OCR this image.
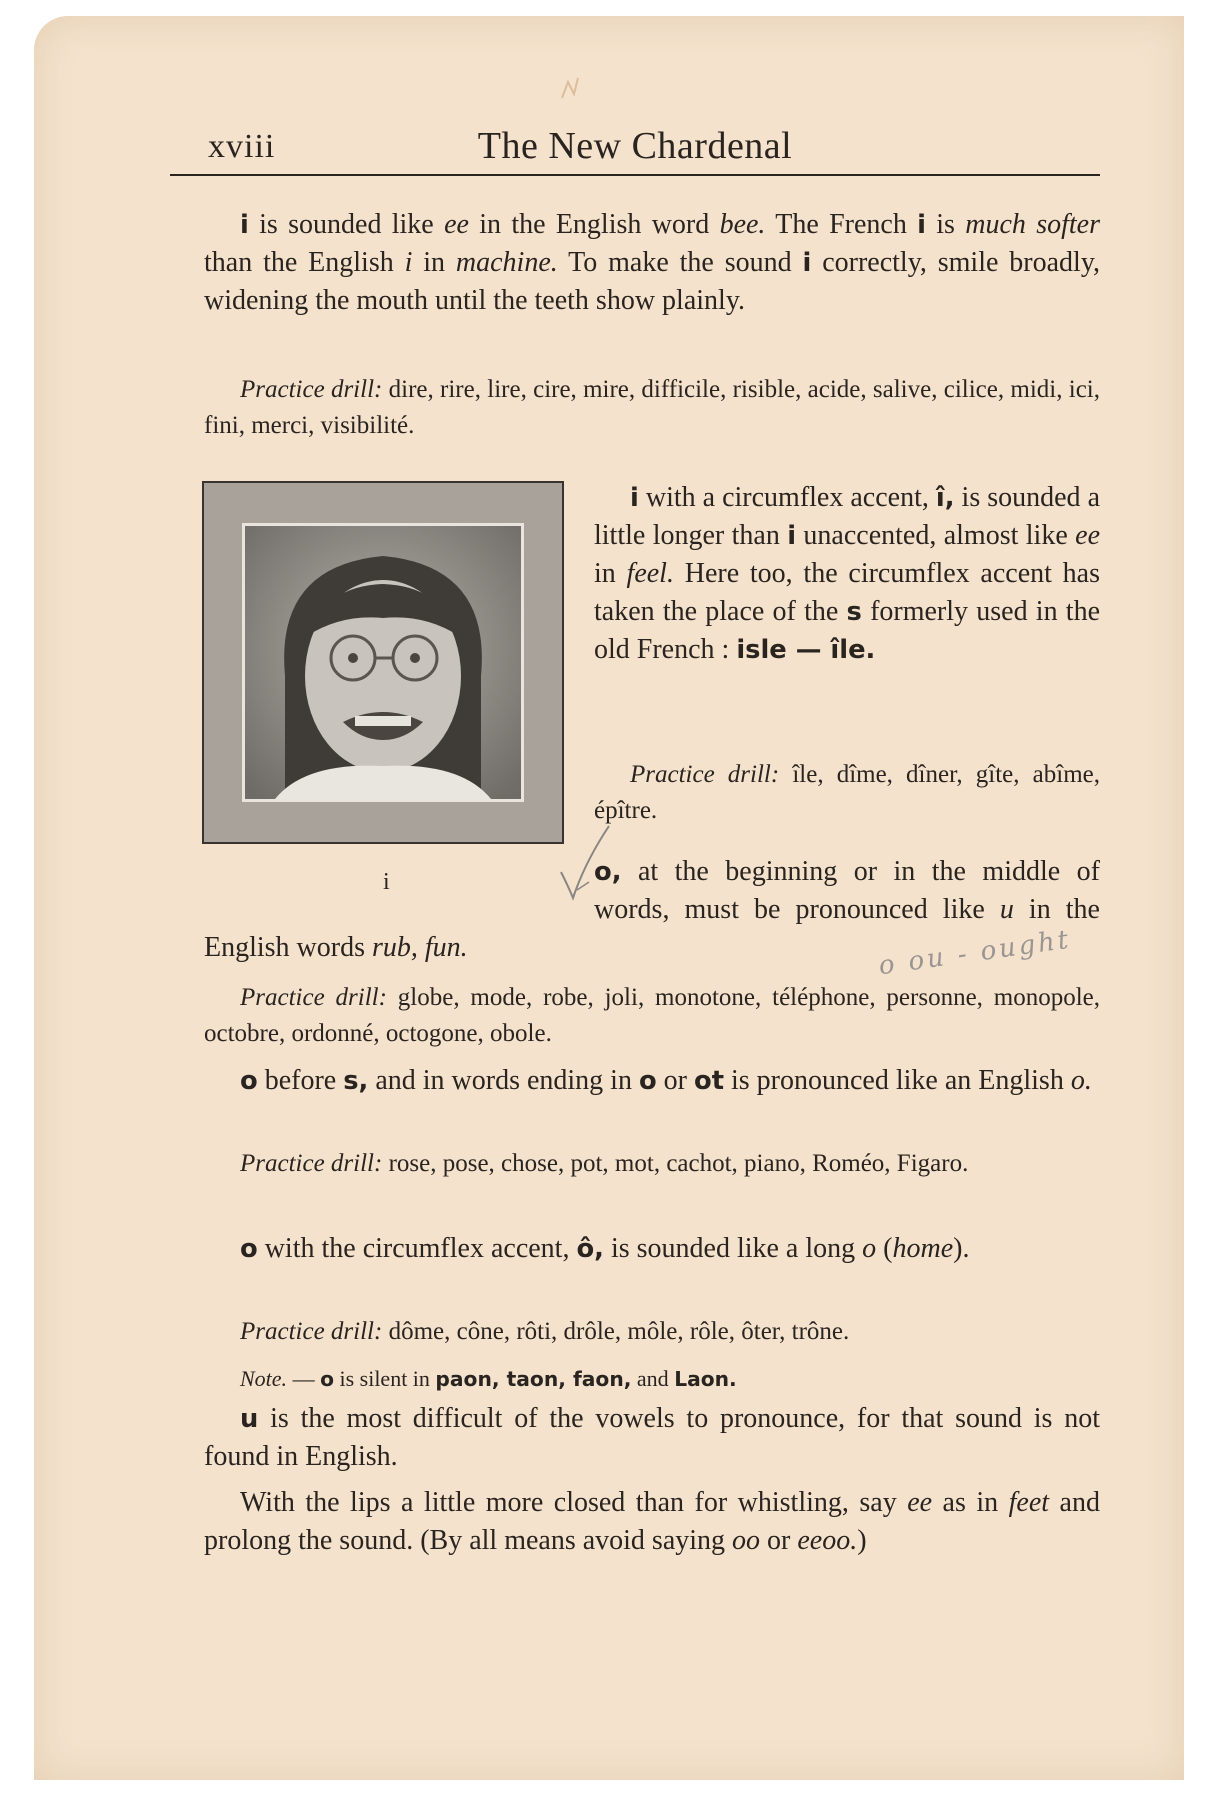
xviii	The New Chardenal

i is sounded like ee in the English word bee. The French i is much softer than the English i in machine. To make the sound i correctly, smile broadly, widening the mouth until the teeth show plainly.

Practice drill: dire, rire, lire, cire, mire, difficile, risible, acide, salive, cilice, midi, ici, fini, merci, visibilité.

i

i with a circumflex accent, î, is sounded a little longer than i unaccented, almost like ee in feel. Here too, the circumflex accent has taken the place of the s formerly used in the old French : isle — île.

Practice drill: île, dîme, dîner, gîte, abîme, épître.

o, at the beginning or in the middle of words, must be pronounced like u in the English words rub, fun.

Practice drill: globe, mode, robe, joli, monotone, téléphone, personne, monopole, octobre, ordonné, octogone, obole.

o before s, and in words ending in o or ot is pronounced like an English o.

Practice drill: rose, pose, chose, pot, mot, cachot, piano, Roméo, Figaro.

o with the circumflex accent, ô, is sounded like a long o (home).

Practice drill: dôme, cône, rôti, drôle, môle, rôle, ôter, trône.

Note. — o is silent in paon, taon, faon, and Laon.

u is the most difficult of the vowels to pronounce, for that sound is not found in English.

With the lips a little more closed than for whistling, say ee as in feet and prolong the sound. (By all means avoid saying oo or eeoo.)

o ou - ought
